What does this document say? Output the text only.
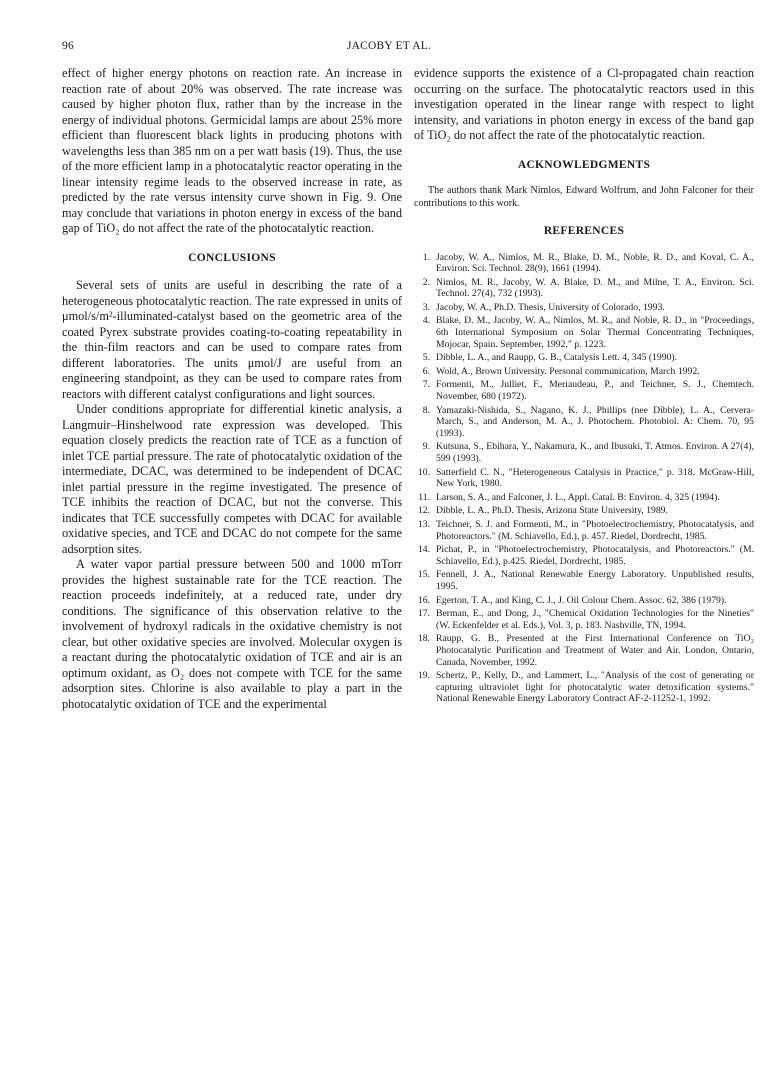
96	JACOBY ET AL.

effect of higher energy photons on reaction rate. An increase in reaction rate of about 20% was observed. The rate increase was caused by higher photon flux, rather than by the increase in the energy of individual photons. Germicidal lamps are about 25% more efficient than fluorescent black lights in producing photons with wavelengths less than 385 nm on a per watt basis (19). Thus, the use of the more efficient lamp in a photocatalytic reactor operating in the linear intensity regime leads to the observed increase in rate, as predicted by the rate versus intensity curve shown in Fig. 9. One may conclude that variations in photon energy in excess of the band gap of TiO₂ do not affect the rate of the photocatalytic reaction.

CONCLUSIONS

Several sets of units are useful in describing the rate of a heterogeneous photocatalytic reaction. The rate expressed in units of μmol/s/m²-illuminated-catalyst based on the geometric area of the coated Pyrex substrate provides coating-to-coating repeatability in the thin-film reactors and can be used to compare rates from different laboratories. The units μmol/J are useful from an engineering standpoint, as they can be used to compare rates from reactors with different catalyst configurations and light sources.

Under conditions appropriate for differential kinetic analysis, a Langmuir–Hinshelwood rate expression was developed. This equation closely predicts the reaction rate of TCE as a function of inlet TCE partial pressure. The rate of photocatalytic oxidation of the intermediate, DCAC, was determined to be independent of DCAC inlet partial pressure in the regime investigated. The presence of TCE inhibits the reaction of DCAC, but not the converse. This indicates that TCE successfully competes with DCAC for available oxidative species, and TCE and DCAC do not compete for the same adsorption sites.

A water vapor partial pressure between 500 and 1000 mTorr provides the highest sustainable rate for the TCE reaction. The reaction proceeds indefinitely, at a reduced rate, under dry conditions. The significance of this observation relative to the involvement of hydroxyl radicals in the oxidative chemistry is not clear, but other oxidative species are involved. Molecular oxygen is a reactant during the photocatalytic oxidation of TCE and air is an optimum oxidant, as O₂ does not compete with TCE for the same adsorption sites. Chlorine is also available to play a part in the photocatalytic oxidation of TCE and the experimental

evidence supports the existence of a Cl-propagated chain reaction occurring on the surface. The photocatalytic reactors used in this investigation operated in the linear range with respect to light intensity, and variations in photon energy in excess of the band gap of TiO₂ do not affect the rate of the photocatalytic reaction.

ACKNOWLEDGMENTS

The authors thank Mark Nimlos, Edward Wolfrum, and John Falconer for their contributions to this work.

REFERENCES
1. Jacoby, W. A., Nimlos, M. R., Blake, D. M., Noble, R. D., and Koval, C. A., Environ. Sci. Technol. 28(9), 1661 (1994).
2. Nimlos, M. R., Jacoby, W. A. Blake, D. M., and Milne, T. A., Environ. Sci. Technol. 27(4), 732 (1993).
3. Jacoby, W. A., Ph.D. Thesis, University of Colorado, 1993.
4. Blake, D. M., Jacoby, W. A., Nimlos, M. R., and Noble, R. D., in "Proceedings, 6th International Symposium on Solar Thermal Concentrating Techniques, Mojocar, Spain. September, 1992," p. 1223.
5. Dibble, L. A., and Raupp, G. B., Catalysis Lett. 4, 345 (1990).
6. Wold, A., Brown University. Personal communication, March 1992.
7. Formenti, M., Julliet, F., Meriaudeau, P., and Teichner, S. J., Chemtech. November, 680 (1972).
8. Yamazaki-Nishida, S., Nagano, K. J., Phillips (nee Dibble), L. A., Cervera-March, S., and Anderson, M. A., J. Photochem. Photobiol. A: Chem. 70, 95 (1993).
9. Kutsuna, S., Ebihara, Y., Nakamura, K., and Ibusuki, T. Atmos. Environ. A 27(4), 599 (1993).
10. Satterfield C. N., "Heterogeneous Catalysis in Practice," p. 318. McGraw-Hill, New York, 1980.
11. Larson, S. A., and Falconer, J. L., Appl. Catal. B: Environ. 4, 325 (1994).
12. Dibble, L. A., Ph.D. Thesis, Arizona State University, 1989.
13. Teichner, S. J. and Formenti, M., in "Photoelectrochemistry, Photocatalysis, and Photoreactors." (M. Schiavello, Ed.), p. 457. Riedel, Dordrecht, 1985.
14. Pichat, P., in "Photoelectrochemistry, Photocatalysis, and Photoreactors." (M. Schiavello, Ed.), p.425. Riedel, Dordrecht, 1985.
15. Fennell, J. A., National Renewable Energy Laboratory. Unpublished results, 1995.
16. Egerton, T. A., and King, C. J., J. Oil Colour Chem. Assoc. 62, 386 (1979).
17. Berman, E., and Dong, J., "Chemical Oxidation Technologies for the Nineties" (W. Eckenfelder et al. Eds.), Vol. 3, p. 183. Nashville, TN, 1994.
18. Raupp, G. B., Presented at the First International Conference on TiO₂ Photocatalytic Purification and Treatment of Water and Air. London, Ontario, Canada, November, 1992.
19. Schertz, P., Kelly, D., and Lammert, L., "Analysis of the cost of generating or capturing ultraviolet light for photocatalytic water detoxification systems." National Renewable Energy Laboratory Contract AF-2-11252-1, 1992.
